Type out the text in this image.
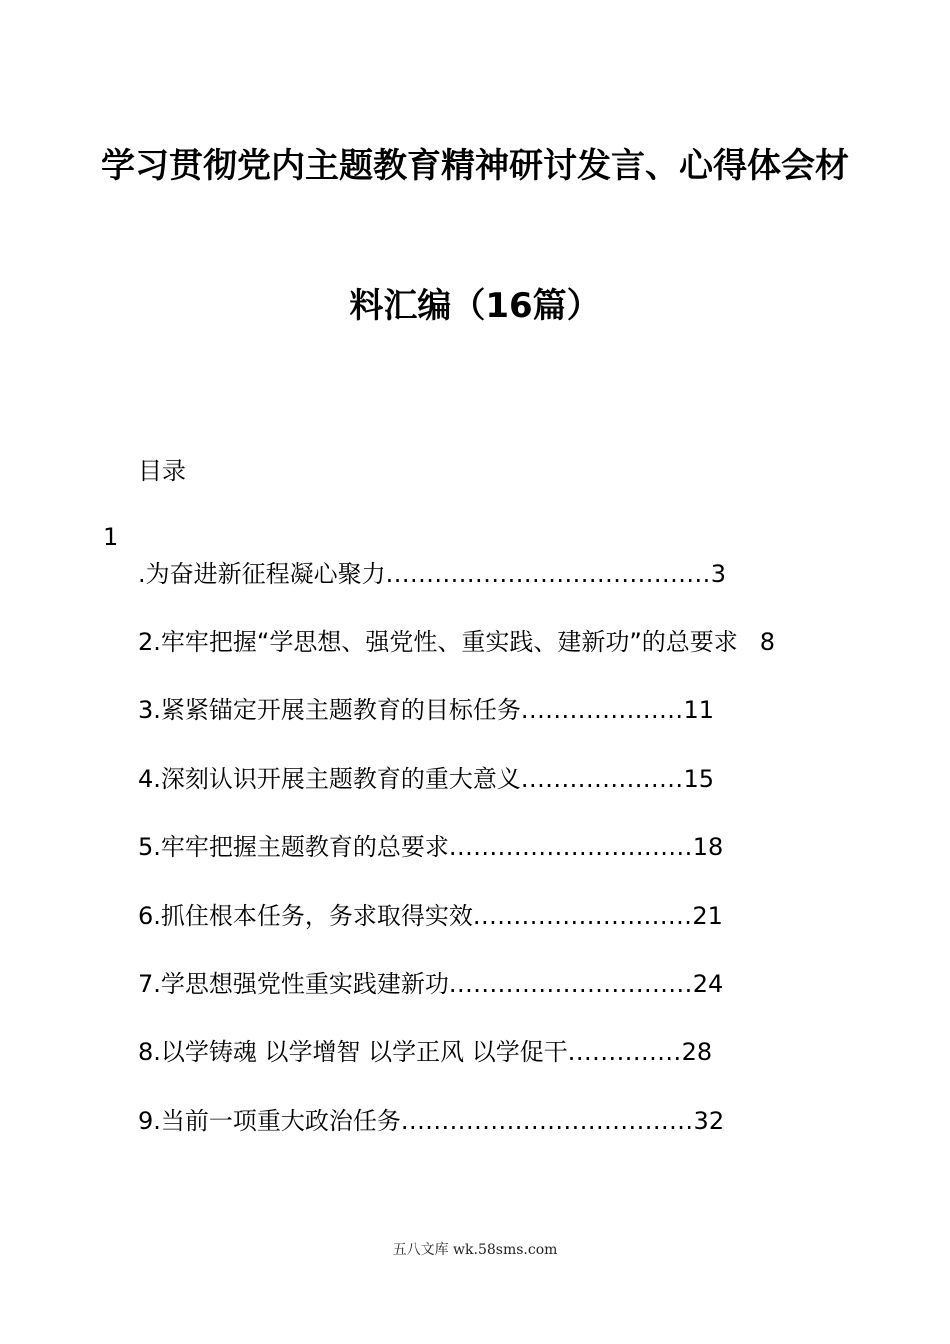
学习贯彻党内主题教育精神研讨发言、心得体会材
料汇编（16篇）
目录
1
.为奋进新征程凝心聚力........................................3
2.牢牢把握“学思想、强党性、重实践、建新功”的总要求 8
3.紧紧锚定开展主题教育的目标任务....................11
4.深刻认识开展主题教育的重大意义....................15
5.牢牢把握主题教育的总要求..............................18
6.抓住根本任务，务求取得实效...........................21
7.学思想强党性重实践建新功..............................24
8.以学铸魂 以学增智 以学正风 以学促干..............28
9.当前一项重大政治任务....................................32
五八文库 wk.58sms.com
